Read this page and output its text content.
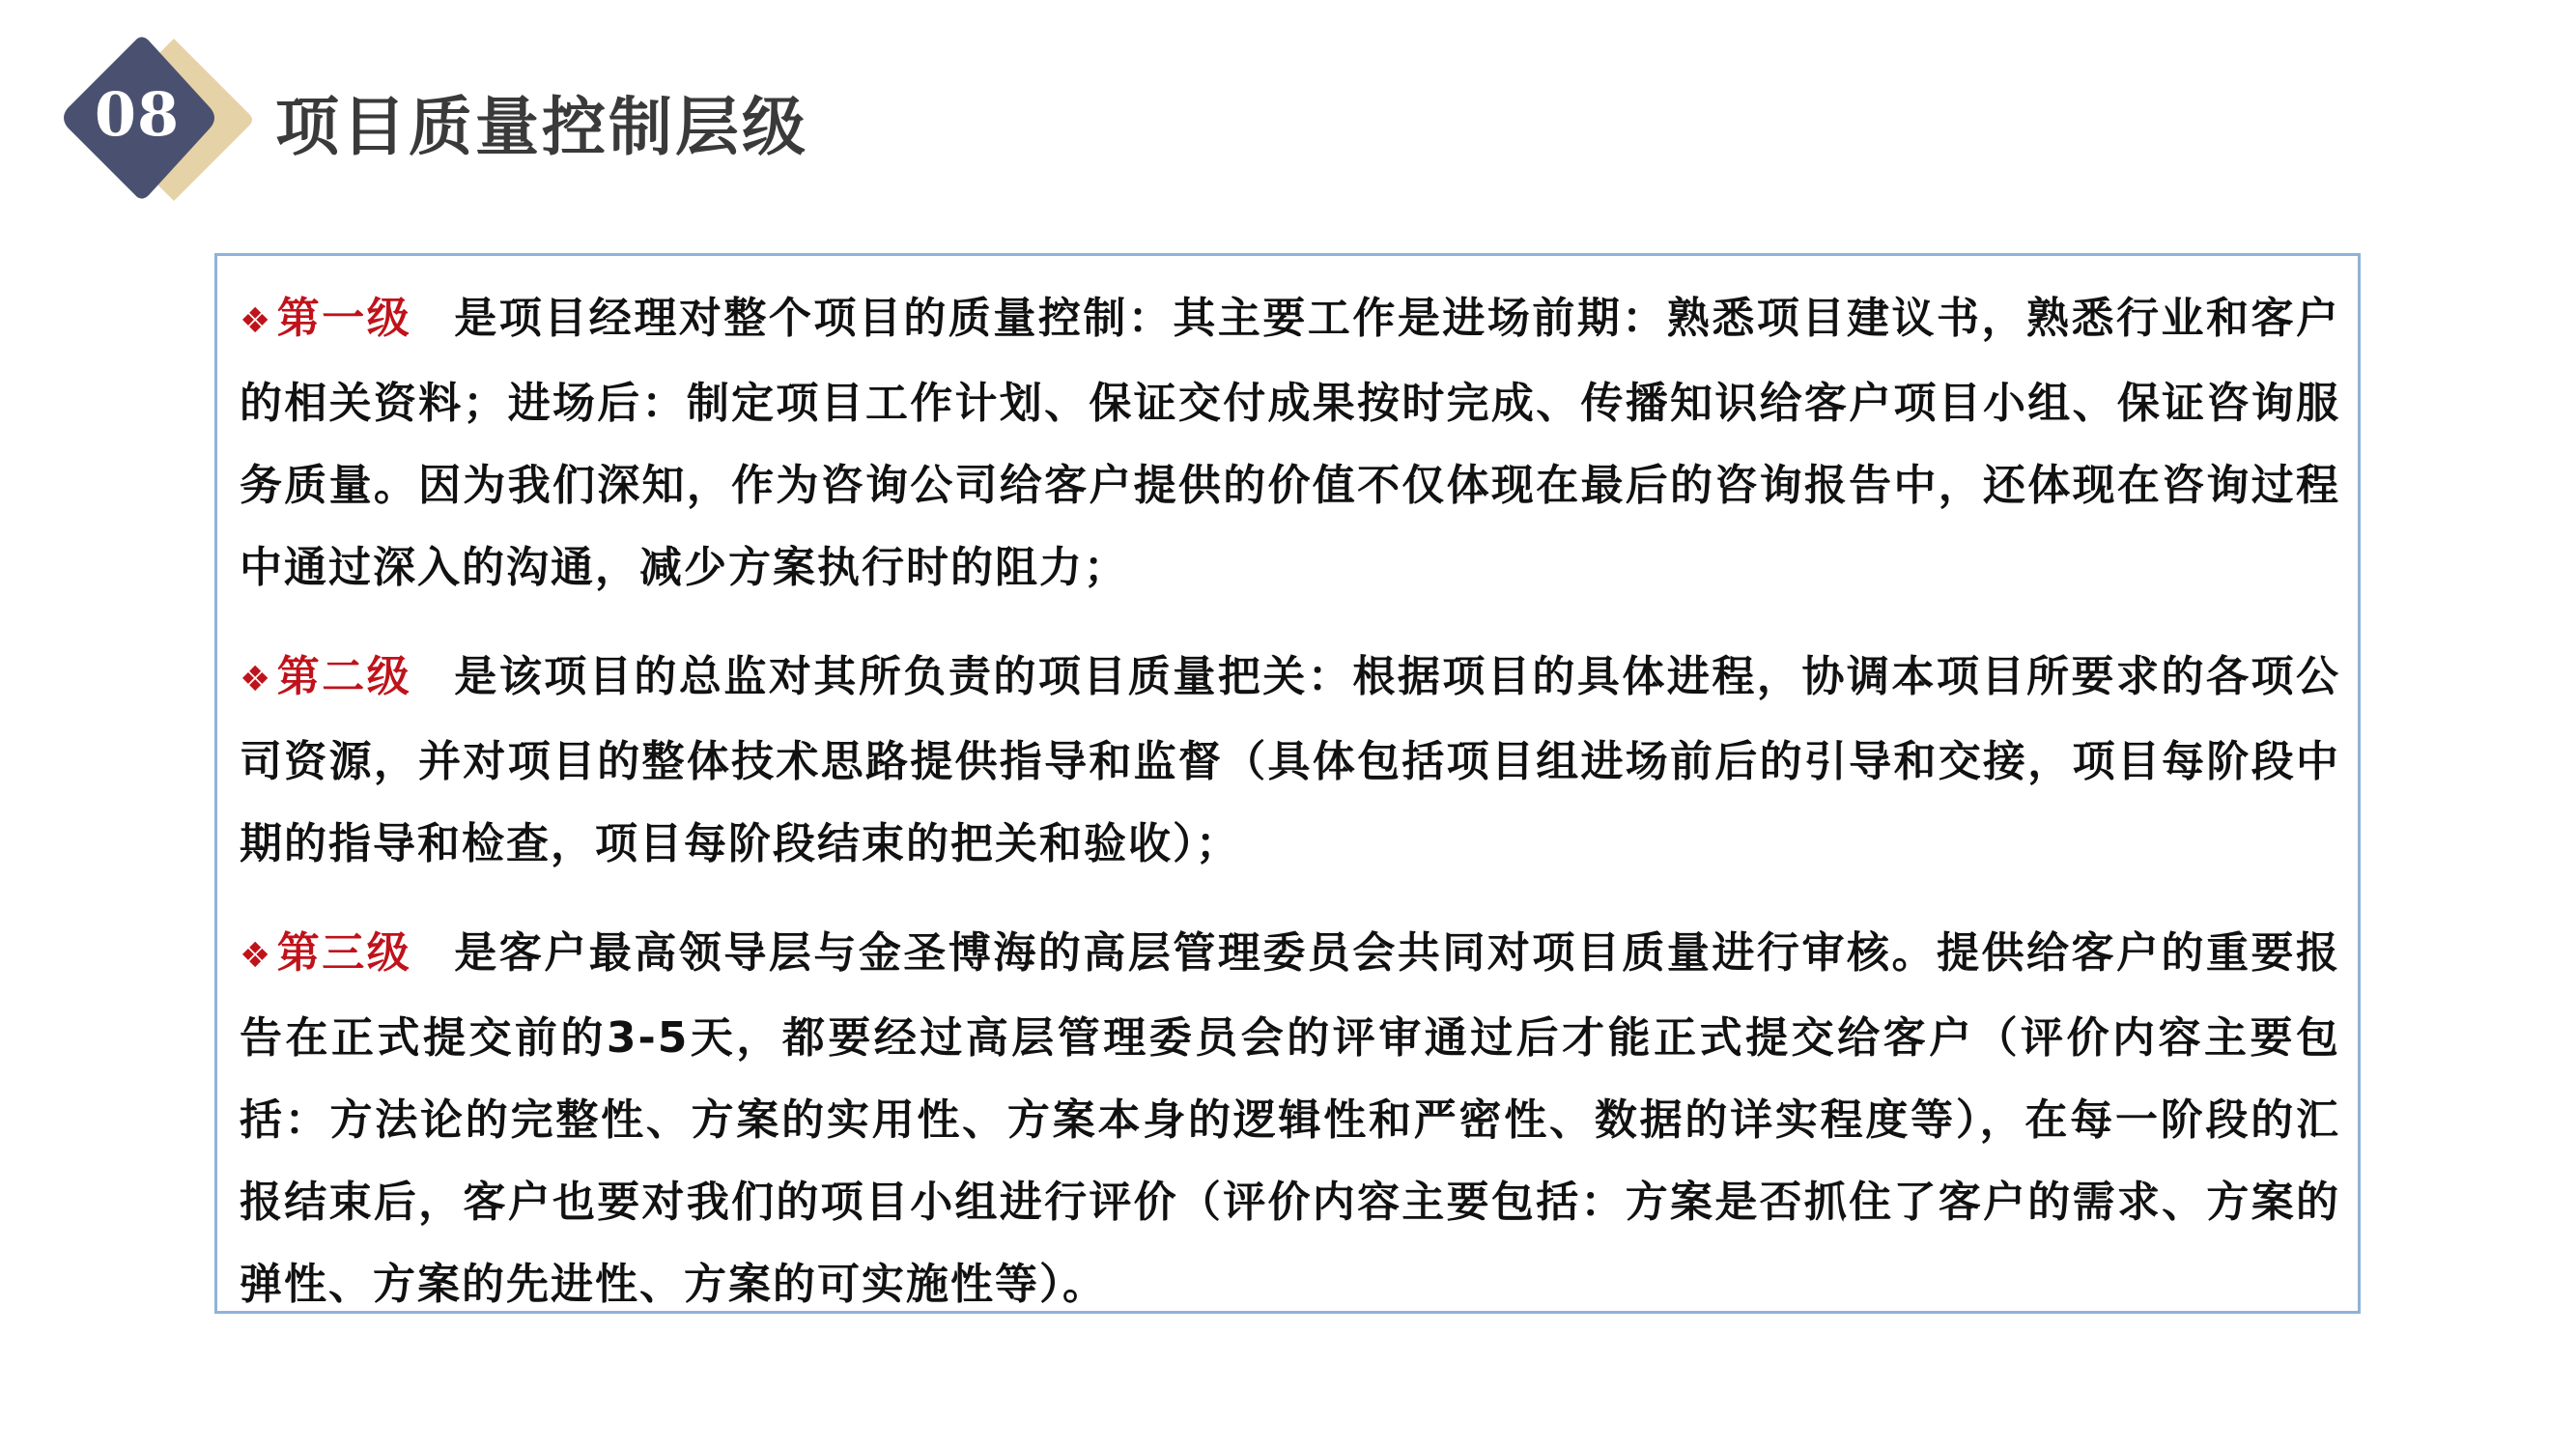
08	项目质量控制层级

❖第一级 是项目经理对整个项目的质量控制：其主要工作是进场前期：熟悉项目建议书，熟悉行业和客户的相关资料；进场后：制定项目工作计划、保证交付成果按时完成、传播知识给客户项目小组、保证咨询服务质量。因为我们深知，作为咨询公司给客户提供的价值不仅体现在最后的咨询报告中，还体现在咨询过程中通过深入的沟通，减少方案执行时的阻力；

❖第二级 是该项目的总监对其所负责的项目质量把关：根据项目的具体进程，协调本项目所要求的各项公司资源，并对项目的整体技术思路提供指导和监督（具体包括项目组进场前后的引导和交接，项目每阶段中期的指导和检查，项目每阶段结束的把关和验收）；

❖第三级 是客户最高领导层与金圣博海的高层管理委员会共同对项目质量进行审核。提供给客户的重要报告在正式提交前的3-5天，都要经过高层管理委员会的评审通过后才能正式提交给客户（评价内容主要包括：方法论的完整性、方案的实用性、方案本身的逻辑性和严密性、数据的详实程度等），在每一阶段的汇报结束后，客户也要对我们的项目小组进行评价（评价内容主要包括：方案是否抓住了客户的需求、方案的弹性、方案的先进性、方案的可实施性等）。
